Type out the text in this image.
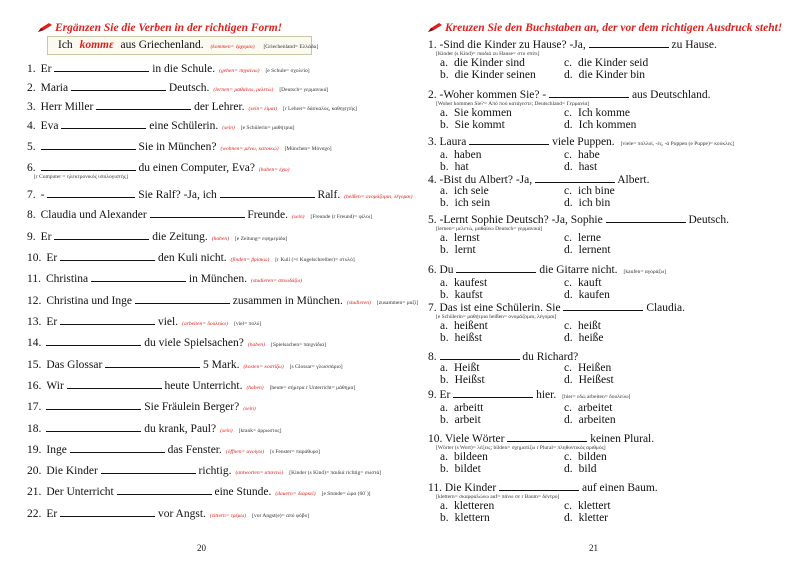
Ergänzen Sie die Verben in der richtigen Form!
Ich kommε aus Griechenland. (kommen= έρχομαι) [Griechenland= Ελλάδα]
1. Er	in die Schule. (gehen= πηγαίνω) [e Schule= σχολείο]
2. Maria	Deutsch. (lernen= μαθαίνω, μελετώ) [Deutsch= γερμανικά]
3. Herr Miller	der Lehrer. (sein= είμαι) [r Lehrer= δάσκαλος, καθηγητής]
4. Eva	eine Schülerin. (sein) [e Schülerin= μαθήτρια]
5.	Sie in München? (wohnen= μένω, κατοικώ) [München= Μόναχο]
6.	du einen Computer, Eva? (haben= έχω)
[r Computer = ηλεκτρονικός υπολογιστής]
7. -	Sie Ralf? -Ja, ich	Ralf. (heißen= ονομάζομαι, λέγομαι)
8. Claudia und Alexander	Freunde. (sein) [Freunde (r Freund)= φίλοι]
9. Er	die Zeitung. (haben) [e Zeitung= εφημερίδα]
10. Er	den Kuli nicht. (finden= βρίσκω) [r Kuli (=r Kugelschreiber)= στυλό]
11. Christina	in München. (studieren= σπουδάζω)
12. Christina und Inge	zusammen in München. (studieren) [zusammen= μαζί]
13. Er	viel. (arbeiten= δουλεύω) [viel= πολύ]
14.	du viele Spielsachen? (haben) [Spielsachen= παιχνίδια]
15. Das Glossar	5 Mark. (kosten= κοστίζω) [s Glossar= γλωσσάριο]
16. Wir	heute Unterricht. (haben) [heute= σήμερα r Unterricht= μάθημα]
17.	Sie Fräulein Berger? (sein)
18.	du krank, Paul? (sein) [krank= άρρωστος]
19. Inge	das Fenster. (öffnen= ανοίγω) [s Fenster= παράθυρο]
20. Die Kinder	richtig. (antworten= απαντώ) [Kinder (s Kind)= παιδιά richtig= σωστά]
21. Der Unterricht	eine Stunde. (dauern= διαρκεί) [e Stunde= ώρα (60΄)]
22. Er	vor Angst. (zittern= τρέμω) [vor Angst(e)= από φόβο]
20
Kreuzen Sie den Buchstaben an, der vor dem richtigen Ausdruck steht!
1. -Sind die Kinder zu Hause? -Ja,	zu Hause.
[Kinder (s Kind)= παιδιά zu Hause= στο σπίτι]
a. die Kinder sind	c. die Kinder seid
b. die Kinder seinen	d. die Kinder bin
2. -Woher kommen Sie? -	aus Deutschland.
[Woher kommen Sie?= Από πού κατάγεστε; Deutschland= Γερμανία]
a. Sie kommen	c. Ich komme
b. Sie kommt	d. Ich kommen
3. Laura	viele Puppen. [viele= πολλοί, -ές, -ά Puppen (e Puppe)= κούκλες]
a. haben	c. habe
b. hat	d. hast
4. -Bist du Albert? -Ja,	Albert.
a. ich seie	c. ich bine
b. ich sein	d. ich bin
5. -Lernt Sophie Deutsch? -Ja, Sophie	Deutsch.
[lernen= μελετώ, μαθαίνω Deutsch= γερμανικά]
a. lernst	c. lerne
b. lernt	d. lernent
6. Du	die Gitarre nicht. [kaufen= αγοράζω]
a. kaufest	c. kauft
b. kaufst	d. kaufen
7. Das ist eine Schülerin. Sie	Claudia.
[e Schülerin= μαθήτρια heißen= ονομάζομαι, λέγομαι]
a. heißent	c. heißt
b. heißst	d. heiße
8.	du Richard?
a. Heißt	c. Heißen
b. Heißst	d. Heißest
9. Er	hier. [hier= εδώ arbeiten= δουλεύω]
a. arbeitt	c. arbeitet
b. arbeit	d. arbeiten
10. Viele Wörter	keinen Plural.
[Wörter (s Wort)= λέξεις; bilden= σχηματίζω r Plural= πληθυντικός αριθμός]
a. bildeen	c. bilden
b. bildet	d. bild
11. Die Kinder	auf einen Baum.
[klettern= σκαρφαλώνω auf= πάνω σε r Baum= δέντρο]
a. kletteren	c. klettert
b. klettern	d. kletter
21
